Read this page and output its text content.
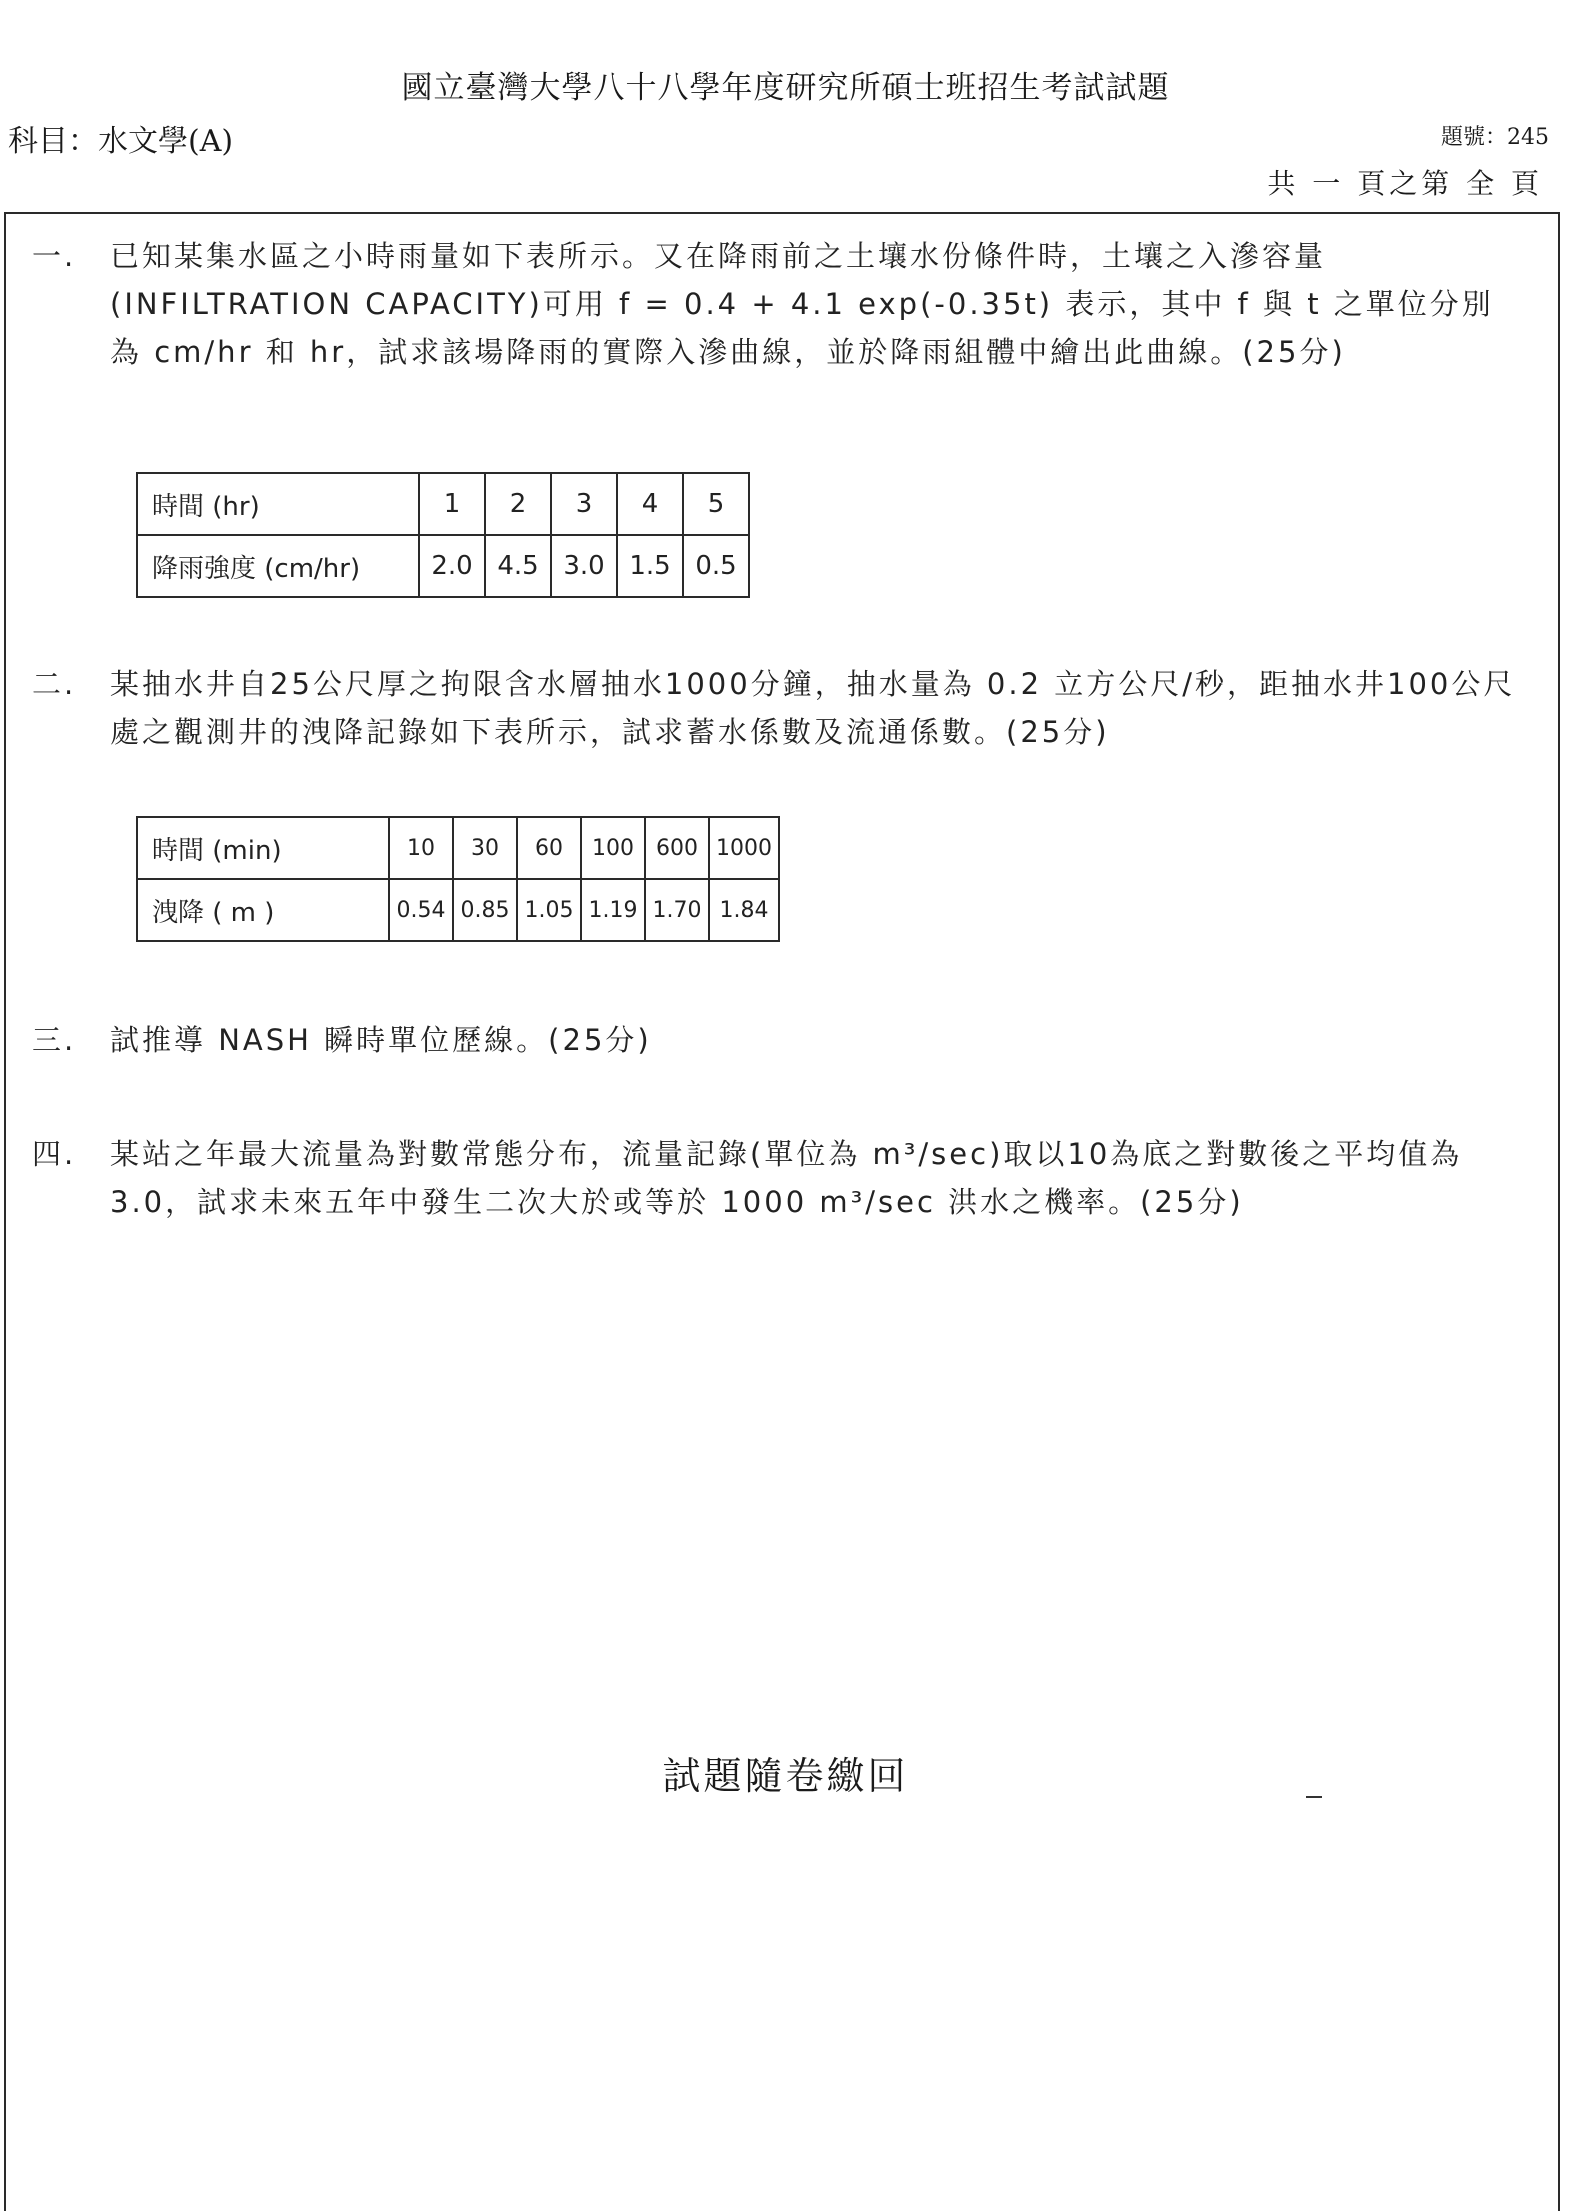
國立臺灣大學八十八學年度研究所碩士班招生考試試題
科目：水文學(A)	題號：245
共 一 頁之第 全 頁
一.	已知某集水區之小時雨量如下表所示。又在降雨前之土壤水份條件時，土壤之入滲容量(INFILTRATION CAPACITY)可用 f = 0.4 + 4.1 exp(-0.35t) 表示，其中 f 與 t 之單位分別為 cm/hr 和 hr，試求該場降雨的實際入滲曲線，並於降雨組體中繪出此曲線。(25分)
時間 (hr)	1	2	3	4	5
降雨強度 (cm/hr)	2.0	4.5	3.0	1.5	0.5
二.	某抽水井自25公尺厚之拘限含水層抽水1000分鐘，抽水量為 0.2 立方公尺/秒，距抽水井100公尺處之觀測井的洩降記錄如下表所示，試求蓄水係數及流通係數。(25分)
時間 (min)	10	30	60	100	600	1000
洩降 ( m )	0.54	0.85	1.05	1.19	1.70	1.84
三.	試推導 NASH 瞬時單位歷線。(25分)
四.	某站之年最大流量為對數常態分布，流量記錄(單位為 m³/sec)取以10為底之對數後之平均值為3.0，試求未來五年中發生二次大於或等於 1000 m³/sec 洪水之機率。(25分)
試題隨卷繳回
